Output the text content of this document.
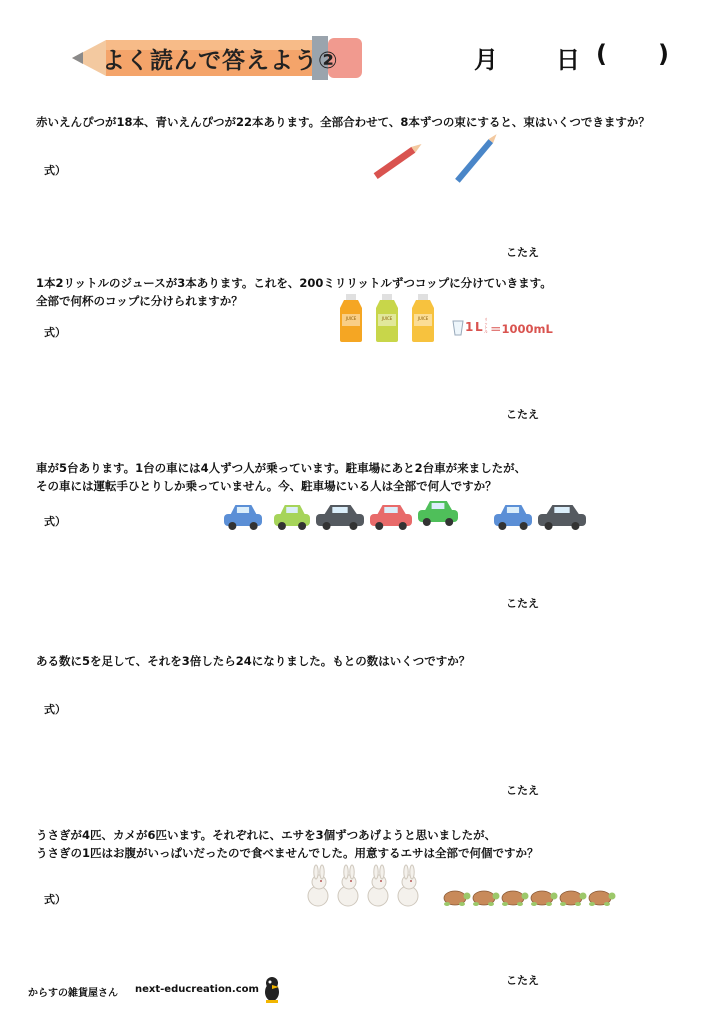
よく読んで答えよう②	月 日 ( )
赤いえんぴつが18本、青いえんぴつが22本あります。全部合わせて、8本ずつの束にすると、束はいくつできますか？
式）
こたえ
1本2リットルのジュースが3本あります。これを、200ミリリットルずつコップに分けていきます。
全部で何杯のコップに分けられますか？
式）
JUICE	JUICE	JUICE
1 L
リットル ＝1000mL
こたえ
車が5台あります。1台の車には4人ずつ人が乗っています。駐車場にあと2台車が来ましたが、
その車には運転手ひとりしか乗っていません。今、駐車場にいる人は全部で何人ですか？
式）
こたえ
ある数に5を足して、それを3倍したら24になりました。もとの数はいくつですか？
式）
こたえ
うさぎが4匹、カメが6匹います。それぞれに、エサを3個ずつあげようと思いましたが、
うさぎの1匹はお腹がいっぱいだったので食べませんでした。用意するエサは全部で何個ですか？
式）
こたえ
からすの雑貨屋さん next-educreation.com
